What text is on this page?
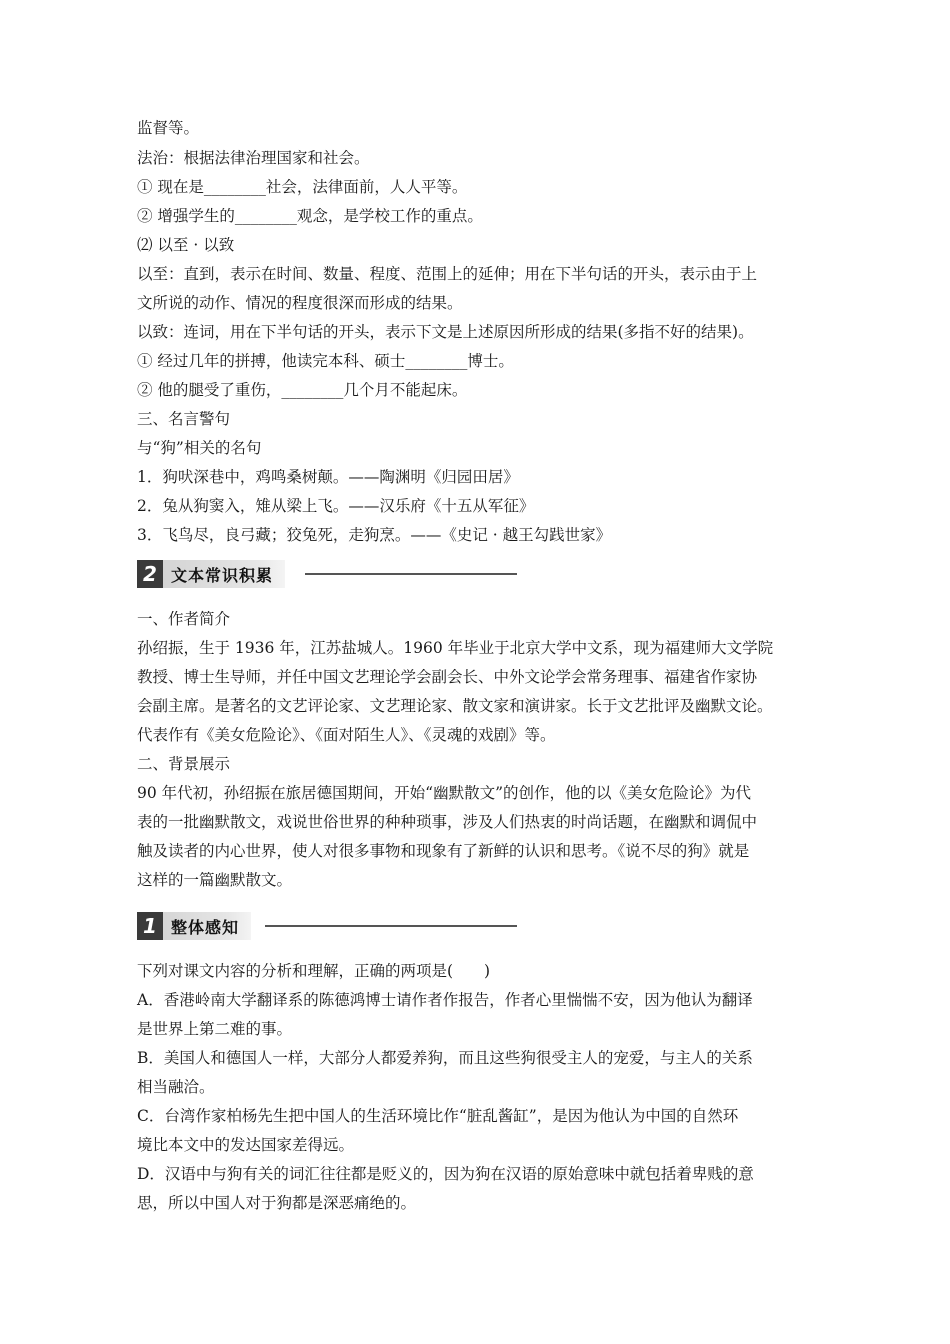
监督等。
法治：根据法律治理国家和社会。
① 现在是________社会，法律面前，人人平等。
② 增强学生的________观念，是学校工作的重点。
⑵ 以至 · 以致
以至：直到，表示在时间、数量、程度、范围上的延伸；用在下半句话的开头，表示由于上
文所说的动作、情况的程度很深而形成的结果。
以致：连词，用在下半句话的开头，表示下文是上述原因所形成的结果(多指不好的结果)。
① 经过几年的拼搏，他读完本科、硕士________博士。
② 他的腿受了重伤，________几个月不能起床。
三、名言警句
与“狗”相关的名句
1．狗吠深巷中，鸡鸣桑树颠。——陶渊明《归园田居》
2．兔从狗窦入，雉从梁上飞。——汉乐府《十五从军征》
3．飞鸟尽，良弓藏；狡兔死，走狗烹。——《史记 · 越王勾践世家》
2 文本常识积累
一、作者简介
孙绍振，生于 1936 年，江苏盐城人。1960 年毕业于北京大学中文系，现为福建师大文学院
教授、博士生导师，并任中国文艺理论学会副会长、中外文论学会常务理事、福建省作家协
会副主席。是著名的文艺评论家、文艺理论家、散文家和演讲家。长于文艺批评及幽默文论。
代表作有《美女危险论》、《面对陌生人》、《灵魂的戏剧》等。
二、背景展示
90 年代初，孙绍振在旅居德国期间，开始“幽默散文”的创作，他的以《美女危险论》为代
表的一批幽默散文，戏说世俗世界的种种琐事，涉及人们热衷的时尚话题，在幽默和调侃中
触及读者的内心世界，使人对很多事物和现象有了新鲜的认识和思考。《说不尽的狗》就是
这样的一篇幽默散文。
1 整体感知
下列对课文内容的分析和理解，正确的两项是(　　)
A．香港岭南大学翻译系的陈德鸿博士请作者作报告，作者心里惴惴不安，因为他认为翻译
是世界上第二难的事。
B．美国人和德国人一样，大部分人都爱养狗，而且这些狗很受主人的宠爱，与主人的关系
相当融洽。
C．台湾作家柏杨先生把中国人的生活环境比作“脏乱酱缸”，是因为他认为中国的自然环
境比本文中的发达国家差得远。
D．汉语中与狗有关的词汇往往都是贬义的，因为狗在汉语的原始意味中就包括着卑贱的意
思，所以中国人对于狗都是深恶痛绝的。
